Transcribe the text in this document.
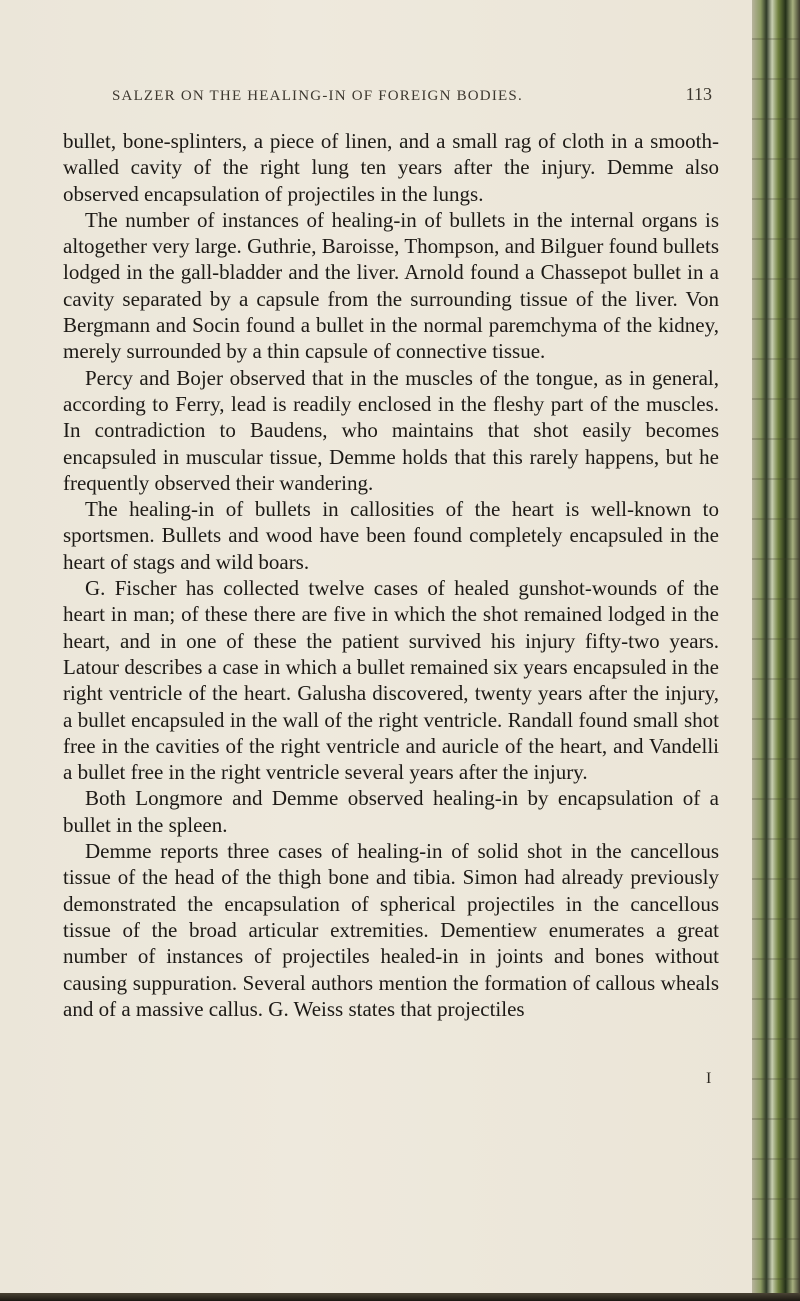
SALZER ON THE HEALING-IN OF FOREIGN BODIES.	113

bullet, bone-splinters, a piece of linen, and a small rag of cloth in a smooth-walled cavity of the right lung ten years after the injury. Demme also observed encapsulation of projectiles in the lungs.

The number of instances of healing-in of bullets in the internal organs is altogether very large. Guthrie, Baroisse, Thompson, and Bilguer found bullets lodged in the gall-bladder and the liver. Arnold found a Chassepot bullet in a cavity separated by a capsule from the surrounding tissue of the liver. Von Bergmann and Socin found a bullet in the normal paremchyma of the kidney, merely surrounded by a thin capsule of connective tissue.

Percy and Bojer observed that in the muscles of the tongue, as in general, according to Ferry, lead is readily enclosed in the fleshy part of the muscles. In contradiction to Baudens, who maintains that shot easily becomes encapsuled in muscular tissue, Demme holds that this rarely happens, but he frequently observed their wandering.

The healing-in of bullets in callosities of the heart is well-known to sportsmen. Bullets and wood have been found completely encapsuled in the heart of stags and wild boars.

G. Fischer has collected twelve cases of healed gunshot-wounds of the heart in man; of these there are five in which the shot remained lodged in the heart, and in one of these the patient survived his injury fifty-two years. Latour describes a case in which a bullet remained six years encapsuled in the right ventricle of the heart. Galusha discovered, twenty years after the injury, a bullet encapsuled in the wall of the right ventricle. Randall found small shot free in the cavities of the right ventricle and auricle of the heart, and Vandelli a bullet free in the right ventricle several years after the injury.

Both Longmore and Demme observed healing-in by encapsulation of a bullet in the spleen.

Demme reports three cases of healing-in of solid shot in the cancellous tissue of the head of the thigh bone and tibia. Simon had already previously demonstrated the encapsulation of spherical projectiles in the cancellous tissue of the broad articular extremities. Dementiew enumerates a great number of instances of projectiles healed-in in joints and bones without causing suppuration. Several authors mention the formation of callous wheals and of a massive callus. G. Weiss states that projectiles

I
